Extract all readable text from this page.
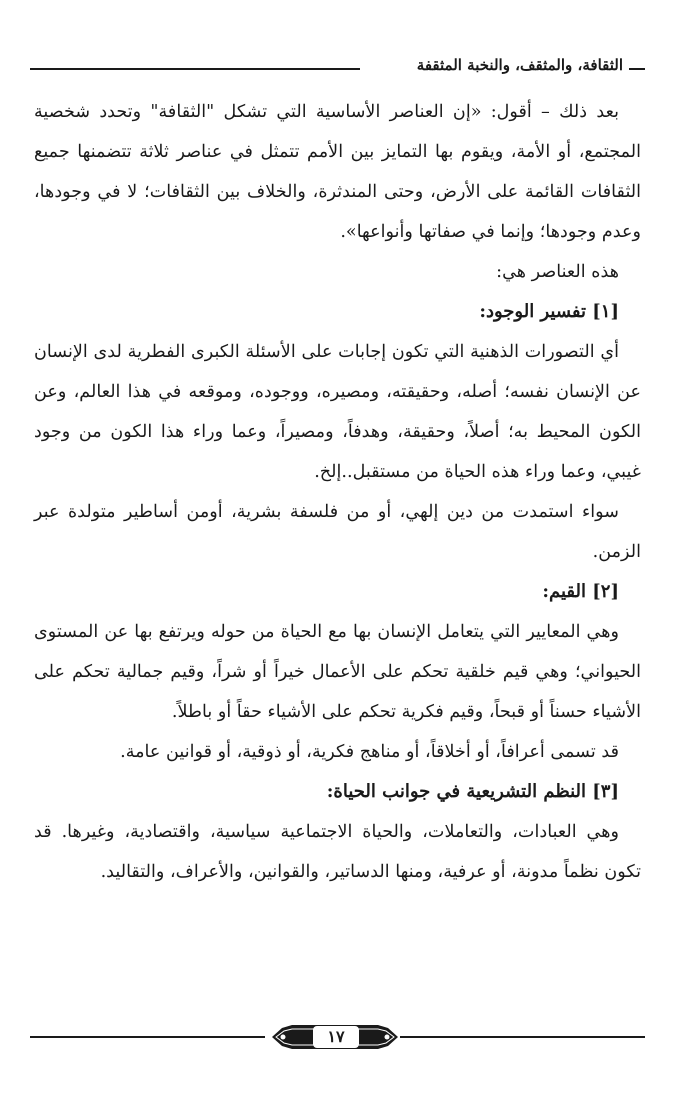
الثقافة، والمثقف، والنخبة المثقفة

بعد ذلك – أقول: «إن العناصر الأساسية التي تشكل "الثقافة" وتحدد شخصية المجتمع، أو الأمة، ويقوم بها التمايز بين الأمم تتمثل في عناصر ثلاثة تتضمنها جميع الثقافات القائمة على الأرض، وحتى المندثرة، والخلاف بين الثقافات؛ لا في وجودها، وعدم وجودها؛ وإنما في صفاتها وأنواعها».

هذه العناصر هي:

[١] تفسير الوجود:

أي التصورات الذهنية التي تكون إجابات على الأسئلة الكبرى الفطرية لدى الإنسان عن الإنسان نفسه؛ أصله، وحقيقته، ومصيره، ووجوده، وموقعه في هذا العالم، وعن الكون المحيط به؛ أصلاً، وحقيقة، وهدفاً، ومصيراً، وعما وراء هذا الكون من وجود غيبي، وعما وراء هذه الحياة من مستقبل..إلخ.

سواء استمدت من دين إلهي، أو من فلسفة بشرية، أومن أساطير متولدة عبر الزمن.

[٢] القيم:

وهي المعايير التي يتعامل الإنسان بها مع الحياة من حوله ويرتفع بها عن المستوى الحيواني؛ وهي قيم خلقية تحكم على الأعمال خيراً أو شراً، وقيم جمالية تحكم على الأشياء حسناً أو قبحاً، وقيم فكرية تحكم على الأشياء حقاً أو باطلاً.

قد تسمى أعرافاً، أو أخلاقاً، أو مناهج فكرية، أو ذوقية، أو قوانين عامة.

[٣] النظم التشريعية في جوانب الحياة:

وهي العبادات، والتعاملات، والحياة الاجتماعية سياسية، واقتصادية، وغيرها. قد تكون نظماً مدونة، أو عرفية، ومنها الدساتير، والقوانين، والأعراف، والتقاليد.

١٧
